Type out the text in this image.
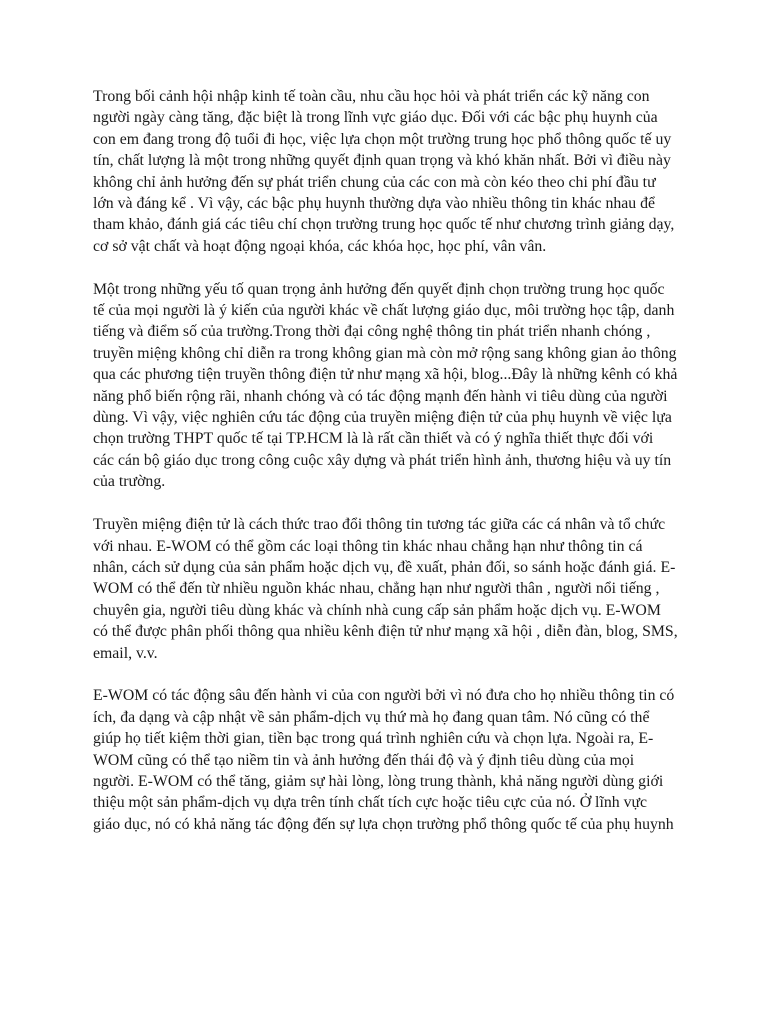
Trong bối cảnh hội nhập kinh tế toàn cầu, nhu cầu học hỏi và phát triển các kỹ năng con người ngày càng tăng, đặc biệt là trong lĩnh vực giáo dục. Đối với các bậc phụ huynh của con em đang trong độ tuổi đi học, việc lựa chọn một trường trung học phổ thông quốc tế uy tín, chất lượng là một trong những quyết định quan trọng và khó khăn nhất. Bởi vì điều này không chỉ ảnh hưởng đến sự phát triển chung của các con mà còn kéo theo chi phí đầu tư lớn và đáng kể . Vì vậy, các bậc phụ huynh thường dựa vào nhiều thông tin khác nhau để tham khảo, đánh giá các tiêu chí chọn trường trung học quốc tế như chương trình giảng dạy, cơ sở vật chất và hoạt động ngoại khóa, các khóa học, học phí, vân vân.

Một trong những yếu tố quan trọng ảnh hưởng đến quyết định chọn trường trung học quốc tế của mọi người là ý kiến của người khác về chất lượng giáo dục, môi trường học tập, danh tiếng và điểm số của trường.Trong thời đại công nghệ thông tin phát triển nhanh chóng , truyền miệng không chỉ diễn ra trong không gian mà còn mở rộng sang không gian ảo thông qua các phương tiện truyền thông điện tử như mạng xã hội, blog...Đây là những kênh có khả năng phổ biến rộng rãi, nhanh chóng và có tác động mạnh đến hành vi tiêu dùng của người dùng. Vì vậy, việc nghiên cứu tác động của truyền miệng điện tử của phụ huynh về việc lựa chọn trường THPT quốc tế tại TP.HCM là là rất cần thiết và có ý nghĩa thiết thực đối với các cán bộ giáo dục trong công cuộc xây dựng và phát triển hình ảnh, thương hiệu và uy tín của trường.

Truyền miệng điện tử là cách thức trao đổi thông tin tương tác giữa các cá nhân và tổ chức với nhau. E-WOM có thể gồm các loại thông tin khác nhau chẳng hạn như thông tin cá nhân, cách sử dụng của sản phẩm hoặc dịch vụ, đề xuất, phản đối, so sánh hoặc đánh giá. E-WOM có thể đến từ nhiều nguồn khác nhau, chẳng hạn như người thân , người nổi tiếng , chuyên gia, người tiêu dùng khác và chính nhà cung cấp sản phẩm hoặc dịch vụ. E-WOM có thể được phân phối thông qua nhiều kênh điện tử như mạng xã hội , diễn đàn, blog, SMS, email, v.v.

E-WOM có tác động sâu đến hành vi của con người bởi vì nó đưa cho họ nhiều thông tin có ích, đa dạng và cập nhật về sản phẩm-dịch vụ thứ mà họ đang quan tâm. Nó cũng có thể giúp họ tiết kiệm thời gian, tiền bạc trong quá trình nghiên cứu và chọn lựa. Ngoài ra, E-WOM cũng có thể tạo niềm tin và ảnh hưởng đến thái độ và ý định tiêu dùng của mọi người. E-WOM có thể tăng, giảm sự hài lòng, lòng trung thành, khả năng người dùng giới thiệu một sản phẩm-dịch vụ dựa trên tính chất tích cực hoặc tiêu cực của nó. Ở lĩnh vực giáo dục, nó có khả năng tác động đến sự lựa chọn trường phổ thông quốc tế của phụ huynh
